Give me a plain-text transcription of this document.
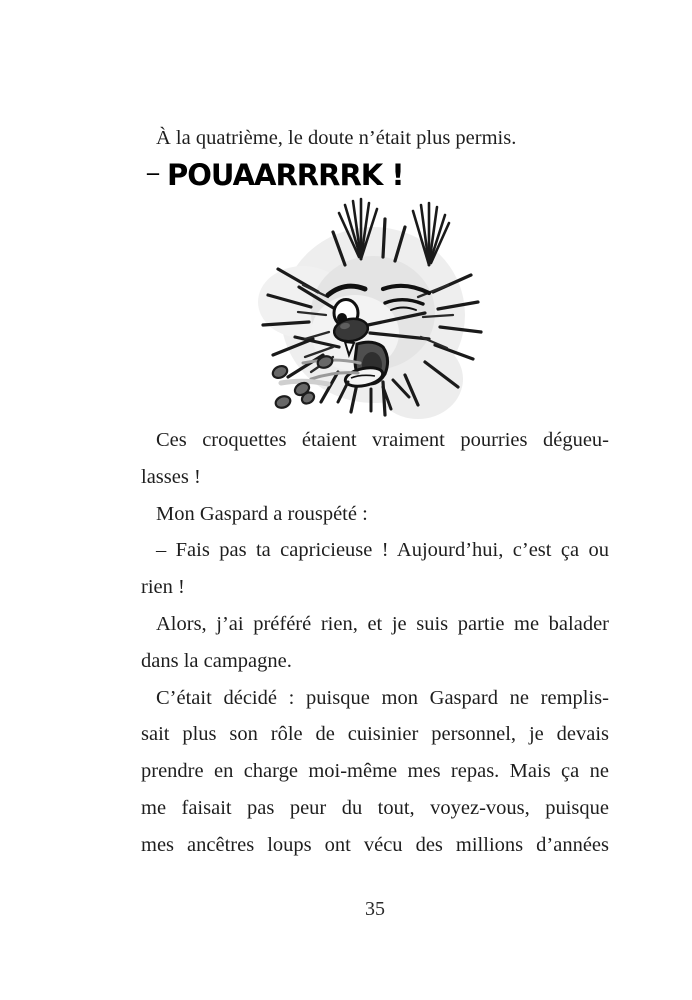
À la quatrième, le doute n’était plus permis.
– POUAARRRRK !
Ces croquettes étaient vraiment pourries dégueu-
lasses !
Mon Gaspard a rouspété :
– Fais pas ta capricieuse ! Aujourd’hui, c’est ça ou
rien !
Alors, j’ai préféré rien, et je suis partie me balader
dans la campagne.
C’était décidé : puisque mon Gaspard ne remplis-
sait plus son rôle de cuisinier personnel, je devais
prendre en charge moi-même mes repas. Mais ça ne
me faisait pas peur du tout, voyez-vous, puisque
mes ancêtres loups ont vécu des millions d’années
35
